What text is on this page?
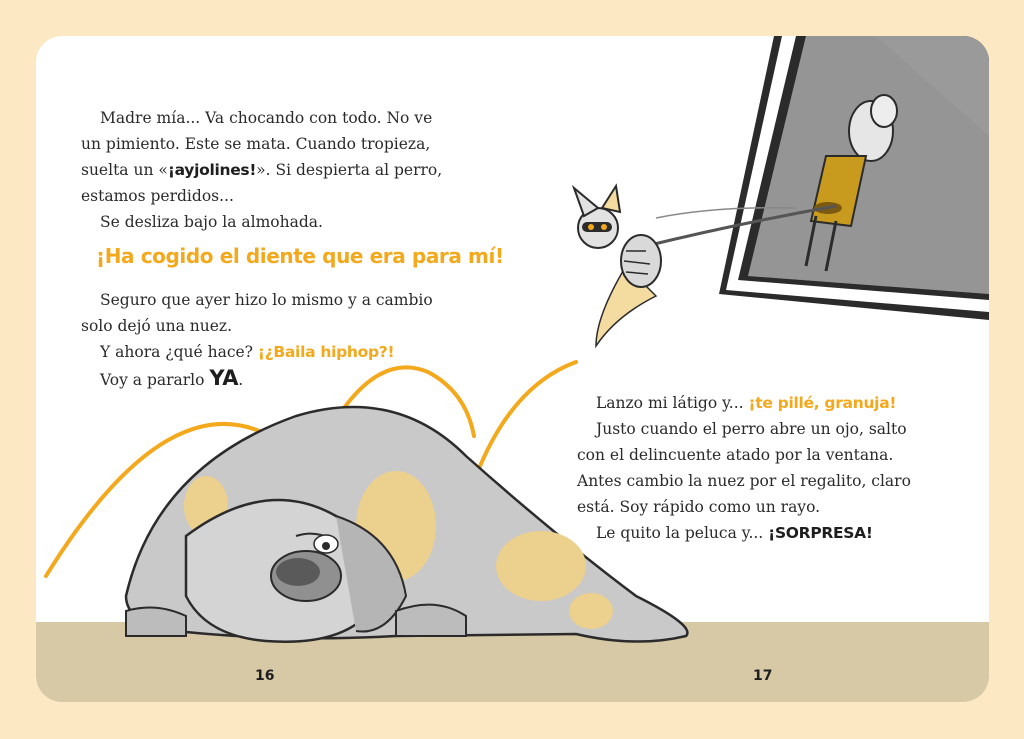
Madre mía... Va chocando con todo. No ve

un pimiento. Este se mata. Cuando tropieza,

suelta un «¡ayjolines!». Si despierta al perro,

estamos perdidos...

Se desliza bajo la almohada.

¡Ha cogido el diente que era para mí!

Seguro que ayer hizo lo mismo y a cambio

solo dejó una nuez.

Y ahora ¿qué hace? ¡¿Baila hiphop?!

Voy a pararlo YA.

Lanzo mi látigo y... ¡te pillé, granuja!

Justo cuando el perro abre un ojo, salto

con el delincuente atado por la ventana.

Antes cambio la nuez por el regalito, claro

está. Soy rápido como un rayo.

Le quito la peluca y... ¡SORPRESA!

16	17
